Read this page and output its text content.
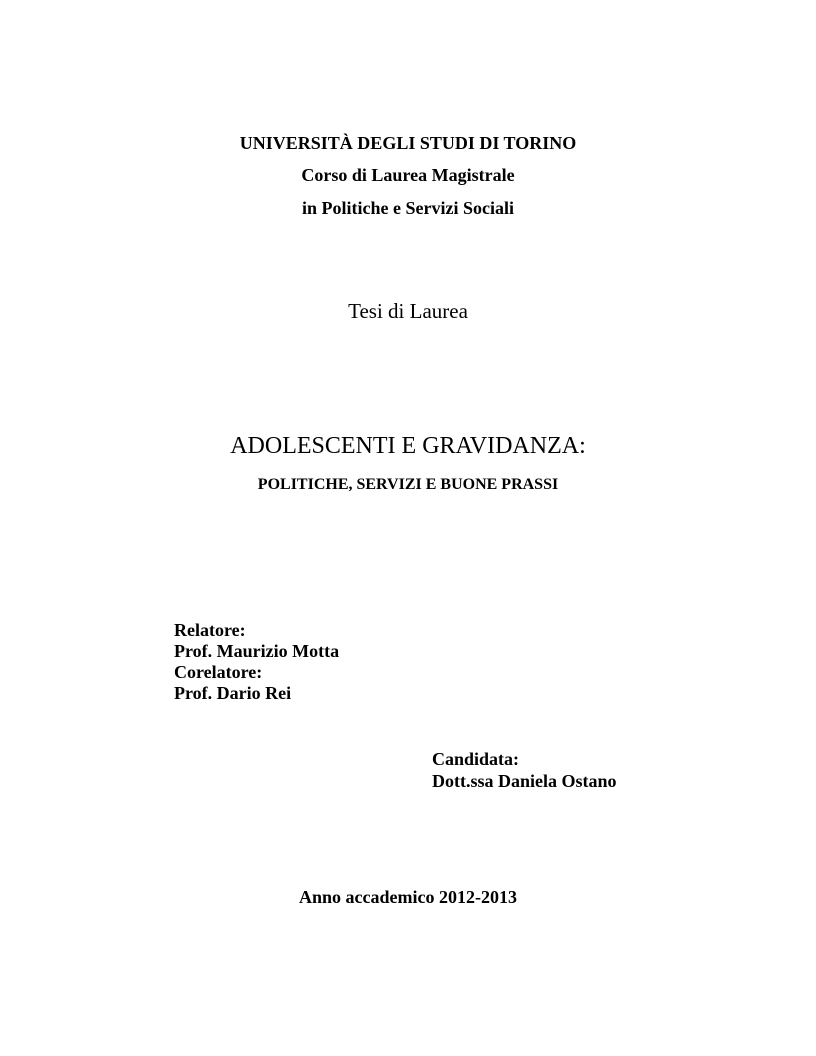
UNIVERSITÀ DEGLI STUDI DI TORINO
Corso di Laurea Magistrale
in Politiche e Servizi Sociali
Tesi di Laurea
ADOLESCENTI E GRAVIDANZA:
POLITICHE, SERVIZI E BUONE PRASSI
Relatore:
Prof. Maurizio Motta
Corelatore:
Prof. Dario Rei
Candidata:
Dott.ssa Daniela Ostano
Anno accademico 2012-2013
